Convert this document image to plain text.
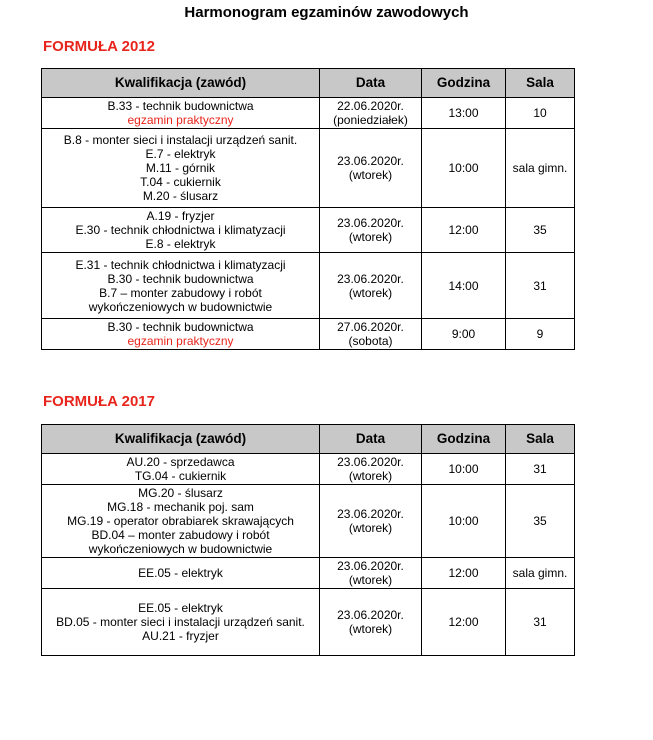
Harmonogram egzaminów zawodowych
FORMUŁA 2012
Kwalifikacja (zawód)	Data	Godzina	Sala

B.33 - technik budownictwa
egzamin praktyczny	22.06.2020r.
(poniedziałek)	13:00	10

B.8 - monter sieci i instalacji urządzeń sanit.
E.7 - elektryk
M.11 - górnik
T.04 - cukiernik
M.20 - ślusarz	23.06.2020r.
(wtorek)	10:00	sala gimn.

A.19 - fryzjer
E.30 - technik chłodnictwa i klimatyzacji
E.8 - elektryk	23.06.2020r.
(wtorek)	12:00	35

E.31 - technik chłodnictwa i klimatyzacji
B.30 - technik budownictwa
B.7 – monter zabudowy i robót
wykończeniowych w budownictwie	23.06.2020r.
(wtorek)	14:00	31

B.30 - technik budownictwa
egzamin praktyczny	27.06.2020r.
(sobota)	9:00	9
FORMUŁA 2017
Kwalifikacja (zawód)	Data	Godzina	Sala

AU.20 - sprzedawca
TG.04 - cukiernik	23.06.2020r.
(wtorek)	10:00	31

MG.20 - ślusarz
MG.18 - mechanik poj. sam
MG.19 - operator obrabiarek skrawających
BD.04 – monter zabudowy i robót
wykończeniowych w budownictwie	23.06.2020r.
(wtorek)	10:00	35

EE.05 - elektryk	23.06.2020r.
(wtorek)	12:00	sala gimn.

EE.05 - elektryk
BD.05 - monter sieci i instalacji urządzeń sanit.
AU.21 - fryzjer	23.06.2020r.
(wtorek)	12:00	31
